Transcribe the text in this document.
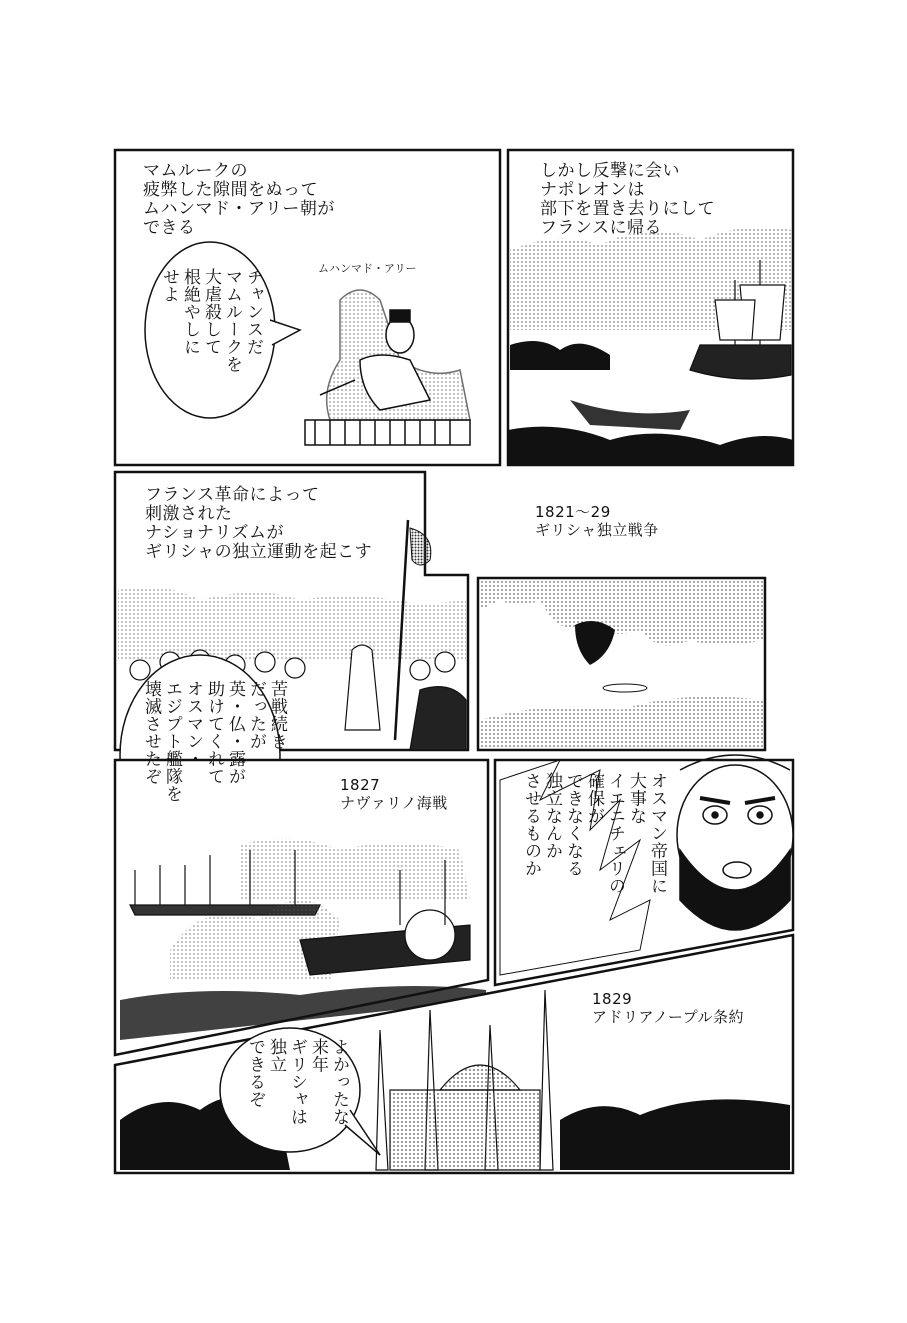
マムルークの
疲弊した隙間をぬって
ムハンマド・アリー朝が
できる
ムハンマド・アリー
チャンスだ
マムルークを
大虐殺して
根絶やしに
せよ
しかし反撃に会い
ナポレオンは
部下を置き去りにして
フランスに帰る
フランス革命によって
刺激された
ナショナリズムが
ギリシャの独立運動を起こす
苦戦続き
だったが
英・仏・露が
助けてくれて
オスマン・
エジプト艦隊を
壊滅させたぞ
1821〜29
ギリシャ独立戦争
1827
ナヴァリノ海戦	オスマン帝国に
大事な
イエニチェリの
確保が
できなくなる
独立なんか
させるものか
1829
アドリアノープル条約
よかったな
来年
ギリシャは
独立
できるぞ
